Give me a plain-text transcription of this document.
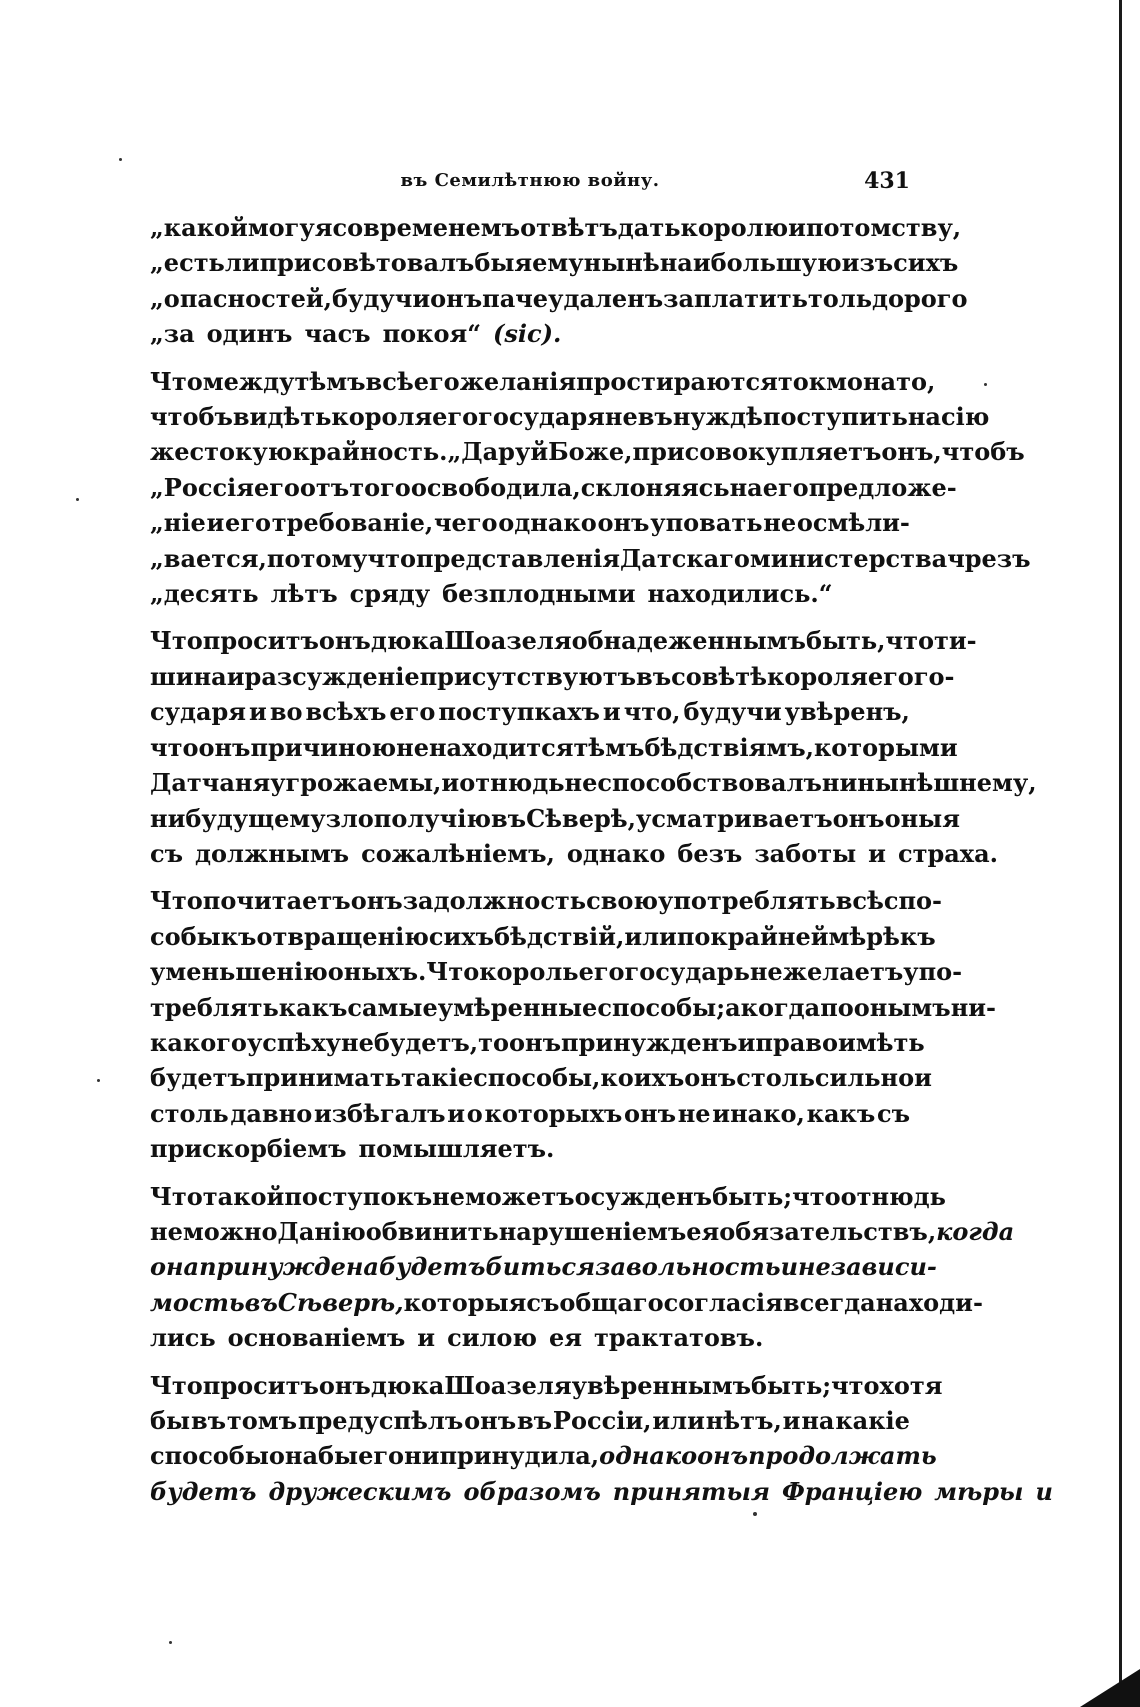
въ Семилѣтнюю войну.	431
„какой могу я со временемъ отвѣтъ дать королю и потомству,
„естьли присовѣтовалъ бы я ему нынѣ наибольшую изъ сихъ
„опасностей, будучи онъ паче удаленъ заплатить толь дорого
„за одинъ часъ покоя“ (sic).
Что между тѣмъ всѣ его желанія простираются токмо на то,
чтобъ видѣть короля его государя не въ нуждѣ поступить на сію
жестокую крайность. „Даруй Боже, присовокупляетъ онъ, чтобъ
„Россія его отъ того освободила, склоняясь на его предложе-
„ніе и его требованіе, чего однако онъ уповать не осмѣли-
„вается, потому что представленія Датскаго министерства чрезъ
„десять лѣтъ сряду безплодными находились.“
Что проситъ онъ дюка Шоазеля обнадеженнымъ быть, что ти-
шина и разсужденіе присутствуютъ въ совѣтѣ короля его го-
сударя и во всѣхъ его поступкахъ и что, будучи увѣренъ,
что онъ причиною не находится тѣмъ бѣдствіямъ, которыми
Датчаня угрожаемы, и отнюдь не способствовалъ ни нынѣшнему,
ни будущему злополучію въ Сѣверѣ, усматриваетъ онъ оныя
съ должнымъ сожалѣніемъ, однако безъ заботы и страха.
Что почитаетъ онъ за должность свою употреблять всѣ спо-
собы къ отвращенію сихъ бѣдствій, или по крайней мѣрѣ къ
уменьшенію оныхъ. Что король его государь не желаетъ упо-
треблять какъ самые умѣренные способы; а когда по онымъ ни-
какого успѣху не будетъ, то онъ принужденъ и право имѣть
будетъ принимать такіе способы, коихъ онъ столь сильно и
столь давно избѣгалъ и о которыхъ онъ не инако, какъ съ
прискорбіемъ помышляетъ.
Что такой поступокъ не можетъ осужденъ быть; что отнюдь
не можно Данію обвинить нарушеніемъ ея обязательствъ, когда
она принуждена будетъ биться за вольность и независи-
мость въ Сѣверѣ, которыя съ общаго согласія всегда находи-
лись основаніемъ и силою ея трактатовъ.
Что проситъ онъ дюка Шоазеля увѣреннымъ быть; что хотя
бы въ томъ предуспѣлъ онъ въ Россіи, или нѣтъ, и на какіе
способы она бы его ни принудила, однако онъ продолжать
будетъ дружескимъ образомъ принятыя Франціею мѣры и
